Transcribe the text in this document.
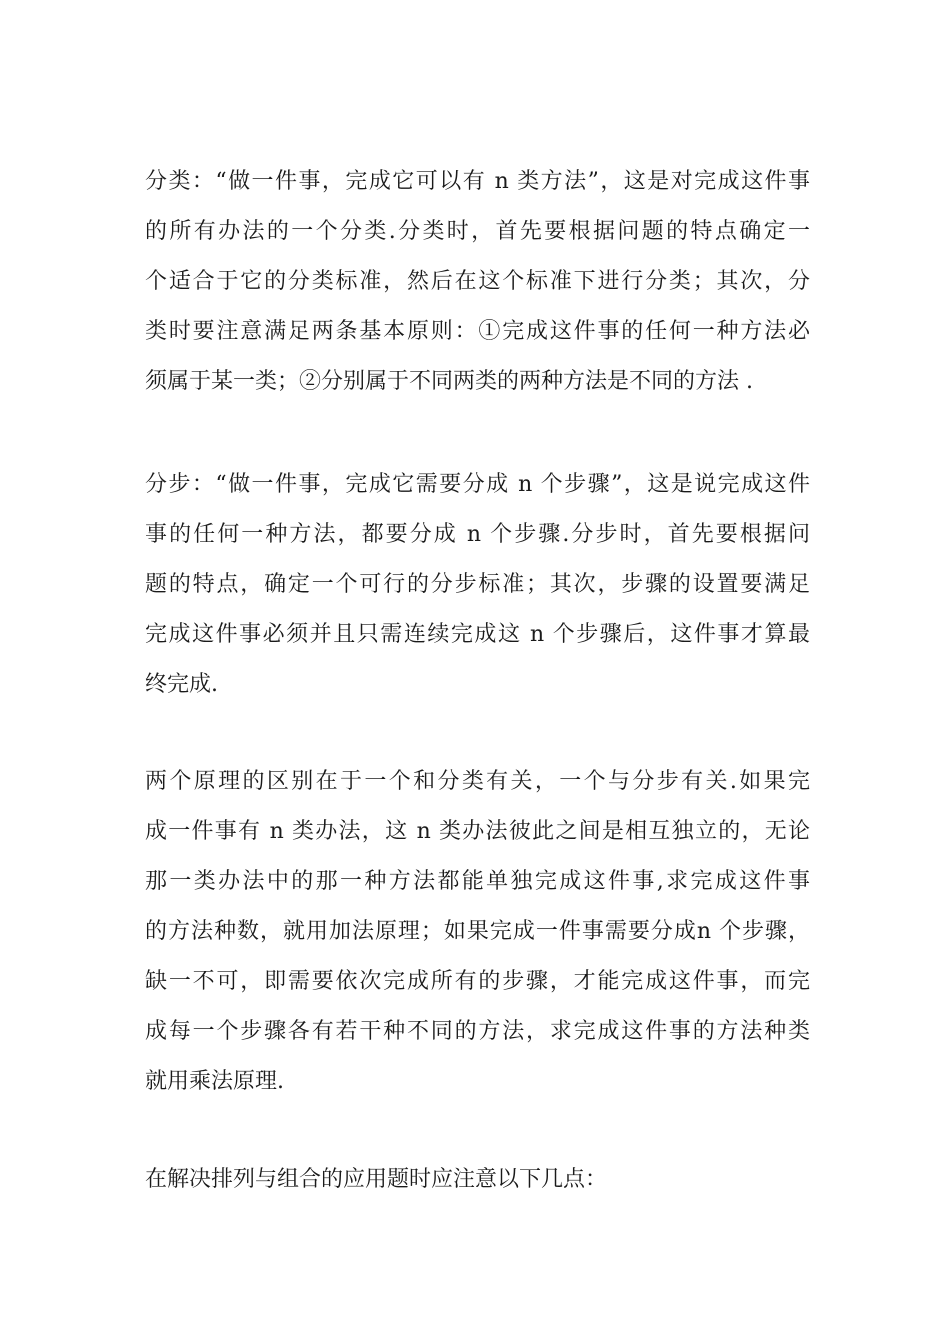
分类：“做一件事，完成它可以有 n 类方法”，这是对完成这件事
的所有办法的一个分类.分类时，首先要根据问题的特点确定一
个适合于它的分类标准，然后在这个标准下进行分类；其次，分
类时要注意满足两条基本原则：①完成这件事的任何一种方法必
须属于某一类；②分别属于不同两类的两种方法是不同的方法 .

分步：“做一件事，完成它需要分成 n 个步骤”，这是说完成这件
事的任何一种方法，都要分成 n 个步骤.分步时，首先要根据问
题的特点，确定一个可行的分步标准；其次，步骤的设置要满足
完成这件事必须并且只需连续完成这 n 个步骤后，这件事才算最
终完成.

两个原理的区别在于一个和分类有关，一个与分步有关.如果完
成一件事有 n 类办法，这 n 类办法彼此之间是相互独立的，无论
那一类办法中的那一种方法都能单独完成这件事,求完成这件事
的方法种数，就用加法原理；如果完成一件事需要分成n 个步骤，
缺一不可，即需要依次完成所有的步骤，才能完成这件事，而完
成每一个步骤各有若干种不同的方法，求完成这件事的方法种类
就用乘法原理.

在解决排列与组合的应用题时应注意以下几点：
